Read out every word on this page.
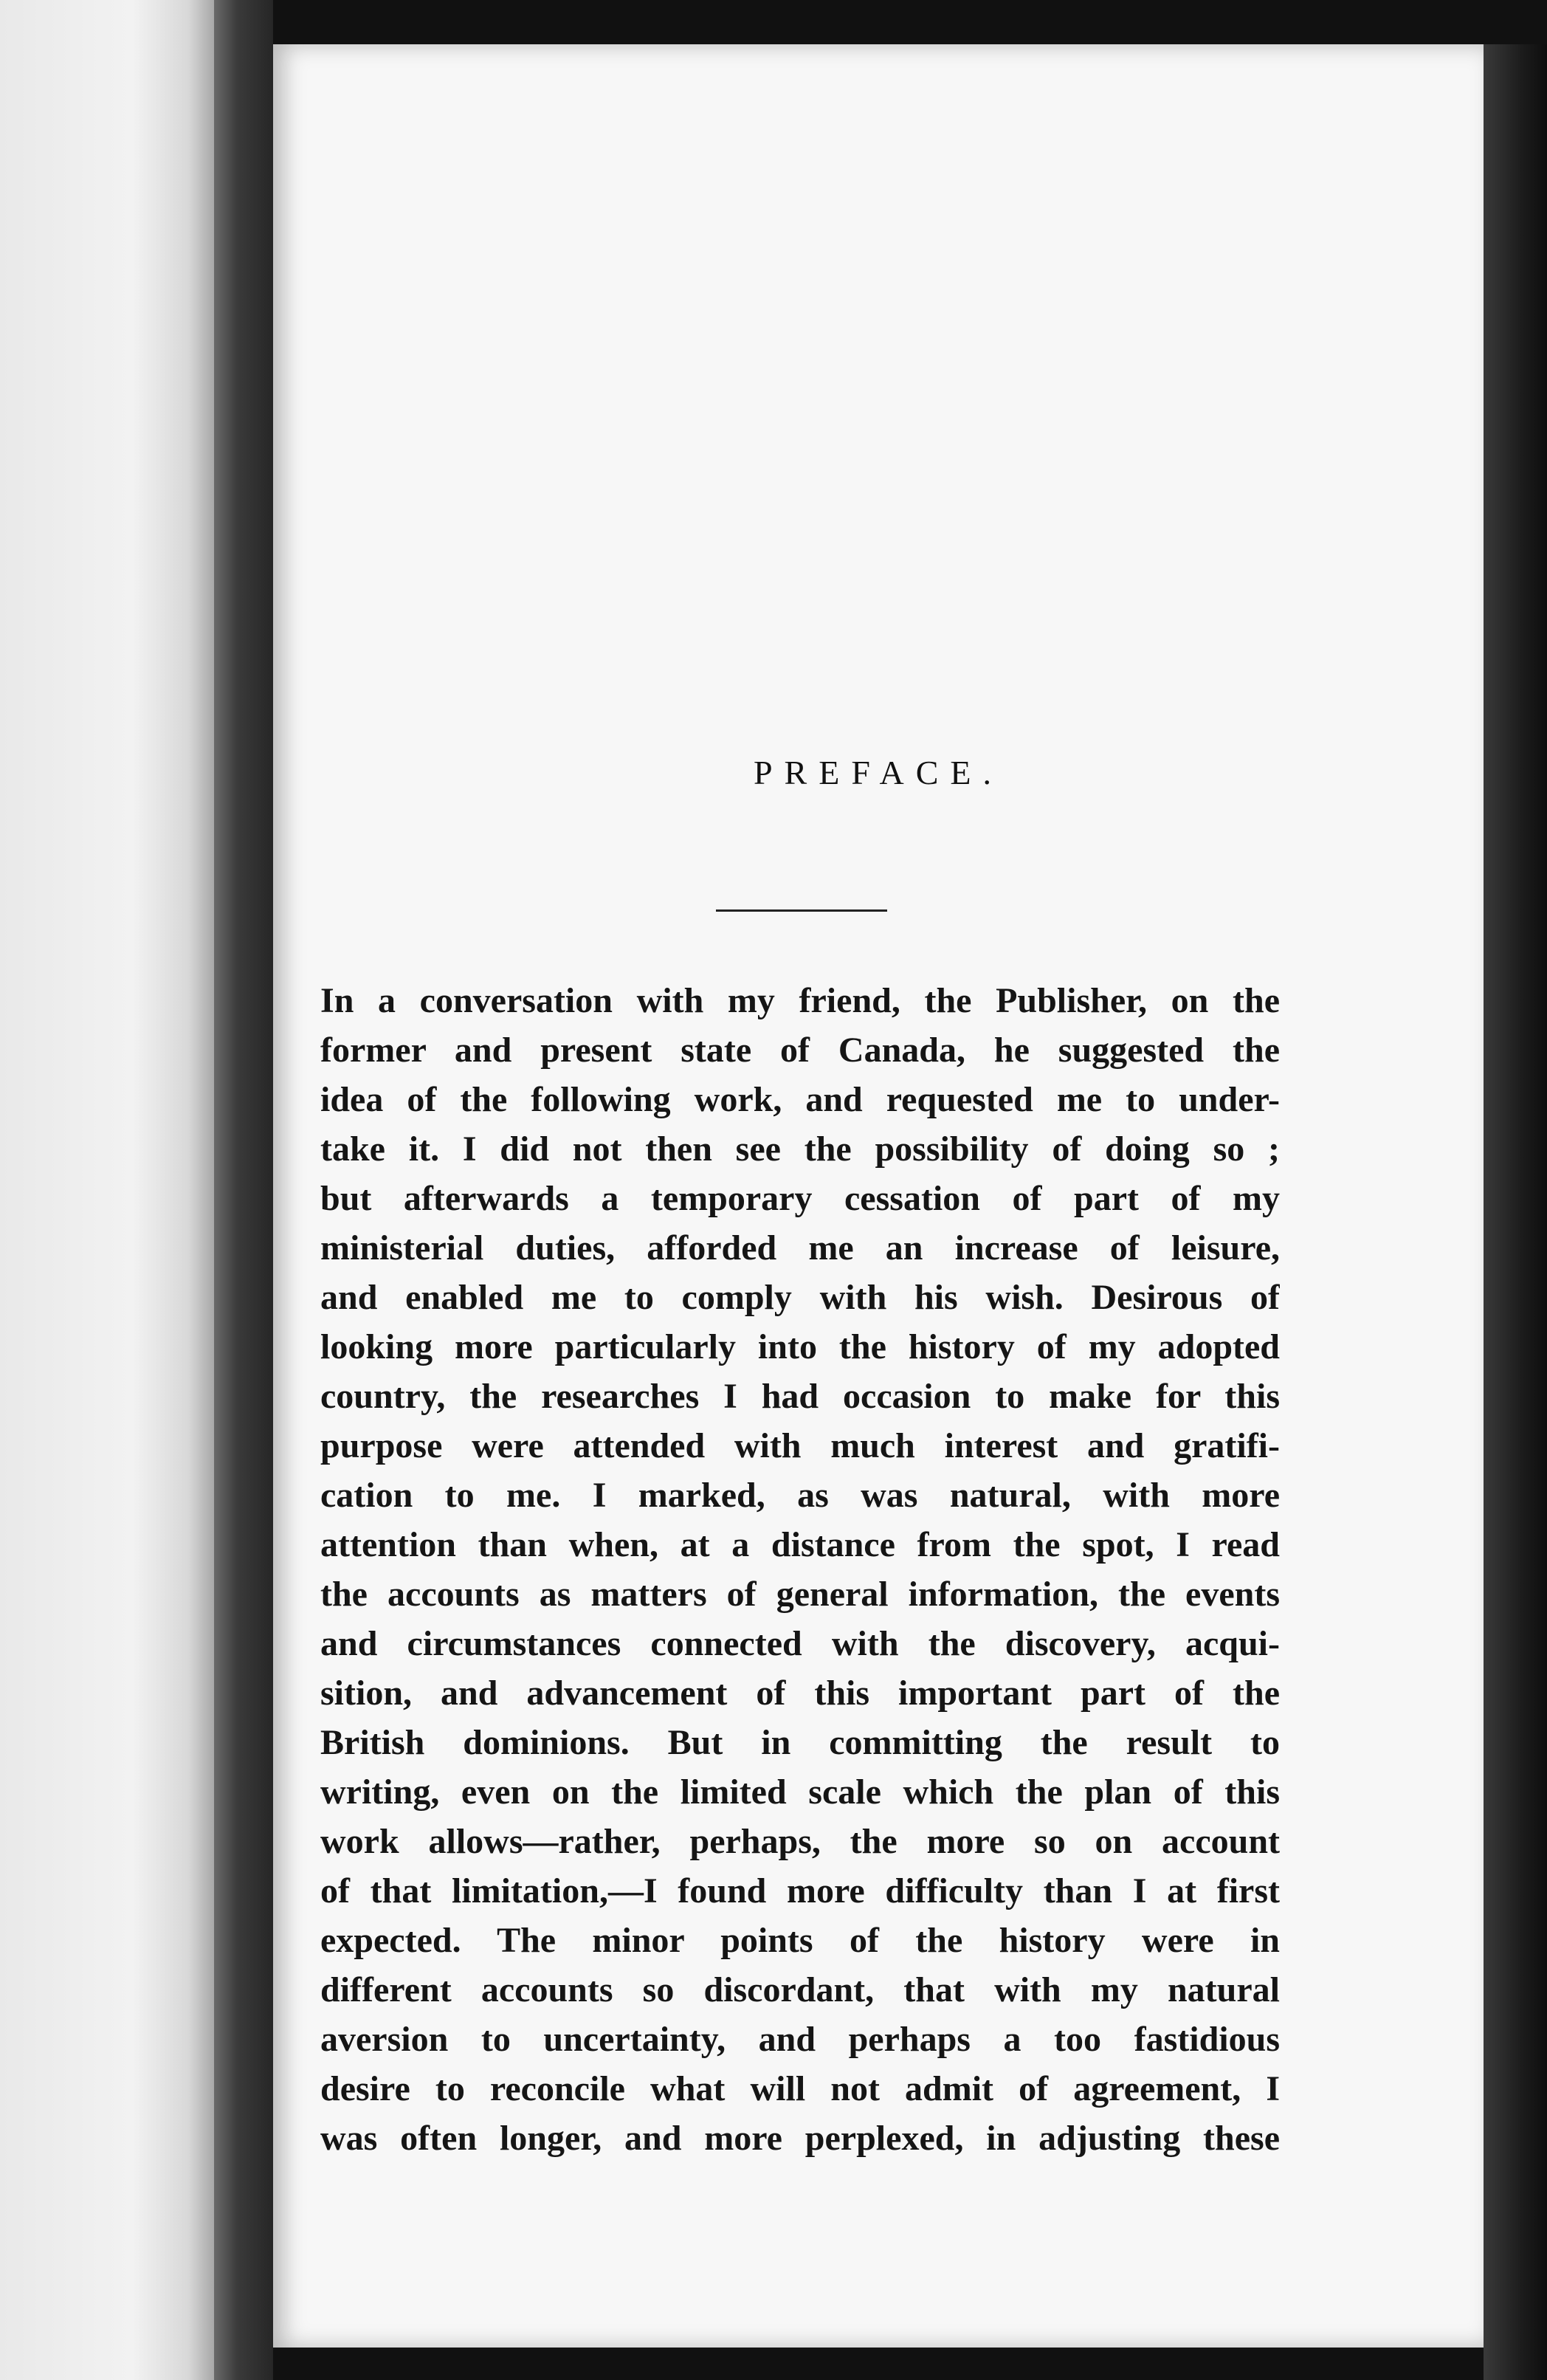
PREFACE.
In a conversation with my friend, the Publisher, on the
former and present state of Canada, he suggested the
idea of the following work, and requested me to under-
take it. I did not then see the possibility of doing so ;
but afterwards a temporary cessation of part of my
ministerial duties, afforded me an increase of leisure,
and enabled me to comply with his wish. Desirous of
looking more particularly into the history of my adopted
country, the researches I had occasion to make for this
purpose were attended with much interest and gratifi-
cation to me. I marked, as was natural, with more
attention than when, at a distance from the spot, I read
the accounts as matters of general information, the events
and circumstances connected with the discovery, acqui-
sition, and advancement of this important part of the
British dominions. But in committing the result to
writing, even on the limited scale which the plan of this
work allows—rather, perhaps, the more so on account
of that limitation,—I found more difficulty than I at first
expected. The minor points of the history were in
different accounts so discordant, that with my natural
aversion to uncertainty, and perhaps a too fastidious
desire to reconcile what will not admit of agreement, I
was often longer, and more perplexed, in adjusting these
